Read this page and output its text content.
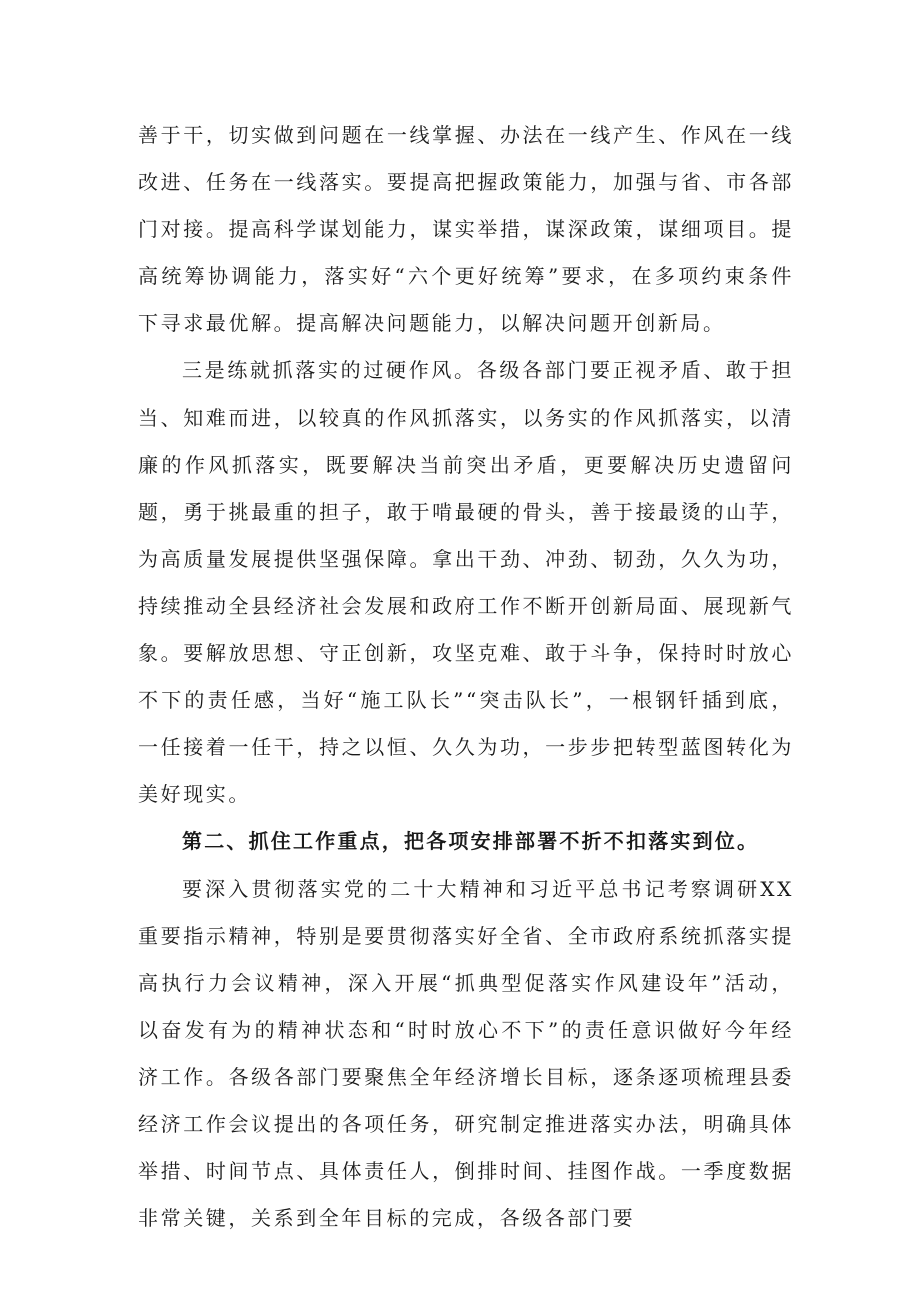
善于干，切实做到问题在一线掌握、办法在一线产生、作风在一线改进、任务在一线落实。要提高把握政策能力，加强与省、市各部门对接。提高科学谋划能力，谋实举措，谋深政策，谋细项目。提高统筹协调能力，落实好“六个更好统筹”要求，在多项约束条件下寻求最优解。提高解决问题能力，以解决问题开创新局。

三是练就抓落实的过硬作风。各级各部门要正视矛盾、敢于担当、知难而进，以较真的作风抓落实，以务实的作风抓落实，以清廉的作风抓落实，既要解决当前突出矛盾，更要解决历史遗留问题，勇于挑最重的担子，敢于啃最硬的骨头，善于接最烫的山芋，为高质量发展提供坚强保障。拿出干劲、冲劲、韧劲，久久为功，持续推动全县经济社会发展和政府工作不断开创新局面、展现新气象。要解放思想、守正创新，攻坚克难、敢于斗争，保持时时放心不下的责任感，当好“施工队长”“突击队长”，一根钢钎插到底，一任接着一任干，持之以恒、久久为功，一步步把转型蓝图转化为美好现实。

第二、抓住工作重点，把各项安排部署不折不扣落实到位。

要深入贯彻落实党的二十大精神和习近平总书记考察调研XX重要指示精神，特别是要贯彻落实好全省、全市政府系统抓落实提高执行力会议精神，深入开展“抓典型促落实作风建设年”活动，以奋发有为的精神状态和“时时放心不下”的责任意识做好今年经济工作。各级各部门要聚焦全年经济增长目标，逐条逐项梳理县委经济工作会议提出的各项任务，研究制定推进落实办法，明确具体举措、时间节点、具体责任人，倒排时间、挂图作战。一季度数据非常关键，关系到全年目标的完成，各级各部门要
